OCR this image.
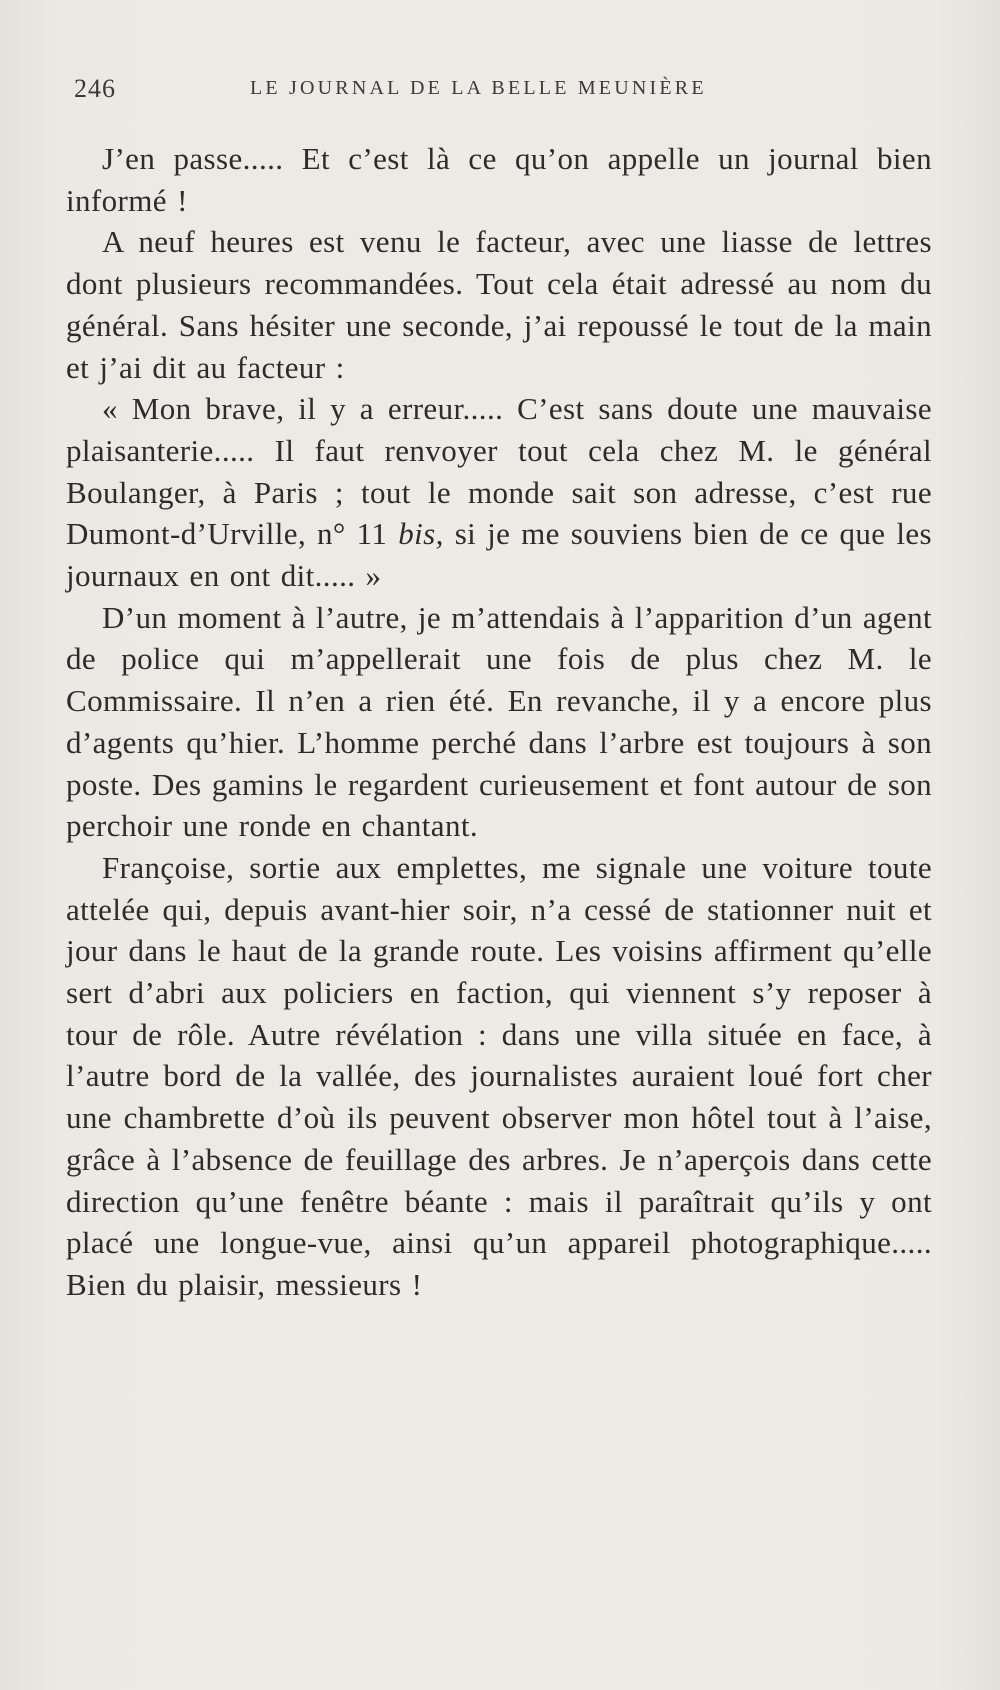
246	LE JOURNAL DE LA BELLE MEUNIÈRE

J’en passe..... Et c’est là ce qu’on appelle un journal bien informé !

A neuf heures est venu le facteur, avec une liasse de lettres dont plusieurs recommandées. Tout cela était adressé au nom du général. Sans hésiter une seconde, j’ai repoussé le tout de la main et j’ai dit au facteur :

« Mon brave, il y a erreur..... C’est sans doute une mauvaise plaisanterie..... Il faut renvoyer tout cela chez M. le général Boulanger, à Paris ; tout le monde sait son adresse, c’est rue Dumont-d’Urville, n° 11 bis, si je me souviens bien de ce que les journaux en ont dit..... »

D’un moment à l’autre, je m’attendais à l’apparition d’un agent de police qui m’appellerait une fois de plus chez M. le Commissaire. Il n’en a rien été. En revanche, il y a encore plus d’agents qu’hier. L’homme perché dans l’arbre est toujours à son poste. Des gamins le regardent curieusement et font autour de son perchoir une ronde en chantant.

Françoise, sortie aux emplettes, me signale une voiture toute attelée qui, depuis avant-hier soir, n’a cessé de stationner nuit et jour dans le haut de la grande route. Les voisins affirment qu’elle sert d’abri aux policiers en faction, qui viennent s’y reposer à tour de rôle. Autre révélation : dans une villa située en face, à l’autre bord de la vallée, des journalistes auraient loué fort cher une chambrette d’où ils peuvent observer mon hôtel tout à l’aise, grâce à l’absence de feuillage des arbres. Je n’aperçois dans cette direction qu’une fenêtre béante : mais il paraîtrait qu’ils y ont placé une longue-vue, ainsi qu’un appareil photographique..... Bien du plaisir, messieurs !
